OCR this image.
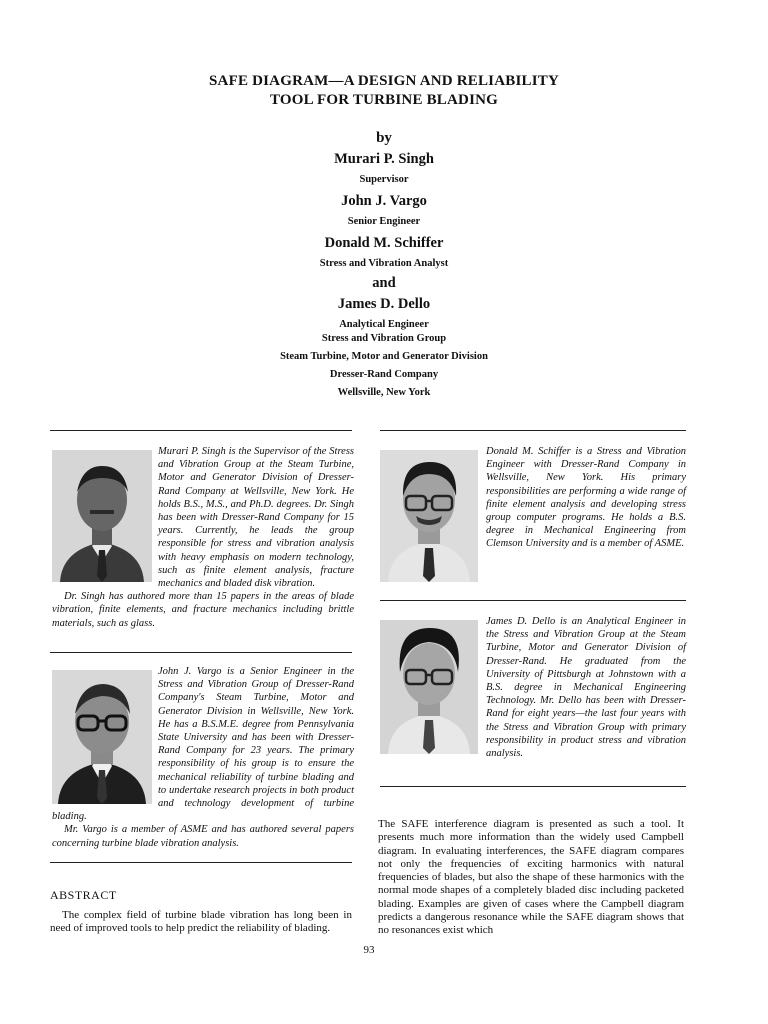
SAFE DIAGRAM—A DESIGN AND RELIABILITY
TOOL FOR TURBINE BLADING
by
Murari P. Singh
Supervisor
John J. Vargo
Senior Engineer
Donald M. Schiffer
Stress and Vibration Analyst
and
James D. Dello
Analytical Engineer
Stress and Vibration Group
Steam Turbine, Motor and Generator Division
Dresser-Rand Company
Wellsville, New York
Murari P. Singh is the Supervisor of the Stress and Vibration Group at the Steam Turbine, Motor and Generator Division of Dresser-Rand Company at Wellsville, New York. He holds B.S., M.S., and Ph.D. degrees. Dr. Singh has been with Dresser-Rand Company for 15 years. Currently, he leads the group responsible for stress and vibration analysis with heavy emphasis on modern technology, such as finite element analysis, fracture mechanics and bladed disk vibration.
Dr. Singh has authored more than 15 papers in the areas of blade vibration, finite elements, and fracture mechanics including brittle materials, such as glass.
John J. Vargo is a Senior Engineer in the Stress and Vibration Group of Dresser-Rand Company's Steam Turbine, Motor and Generator Division in Wellsville, New York. He has a B.S.M.E. degree from Pennsylvania State University and has been with Dresser-Rand Company for 23 years. The primary responsibility of his group is to ensure the mechanical reliability of turbine blading and to undertake research projects in both product and technology development of turbine blading.
Mr. Vargo is a member of ASME and has authored several papers concerning turbine blade vibration analysis.
ABSTRACT

The complex field of turbine blade vibration has long been in need of improved tools to help predict the reliability of blading.

Donald M. Schiffer is a Stress and Vibration Engineer with Dresser-Rand Company in Wellsville, New York. His primary responsibilities are performing a wide range of finite element analysis and developing stress group computer programs. He holds a B.S. degree in Mechanical Engineering from Clemson University and is a member of ASME.
James D. Dello is an Analytical Engineer in the Stress and Vibration Group at the Steam Turbine, Motor and Generator Division of Dresser-Rand. He graduated from the University of Pittsburgh at Johnstown with a B.S. degree in Mechanical Engineering Technology. Mr. Dello has been with Dresser-Rand for eight years—the last four years with the Stress and Vibration Group with primary responsibility in product stress and vibration analysis.

The SAFE interference diagram is presented as such a tool. It presents much more information than the widely used Campbell diagram. In evaluating interferences, the SAFE diagram compares not only the frequencies of exciting harmonics with natural frequencies of blades, but also the shape of these harmonics with the normal mode shapes of a completely bladed disc including packeted blading. Examples are given of cases where the Campbell diagram predicts a dangerous resonance while the SAFE diagram shows that no resonances exist which

93
